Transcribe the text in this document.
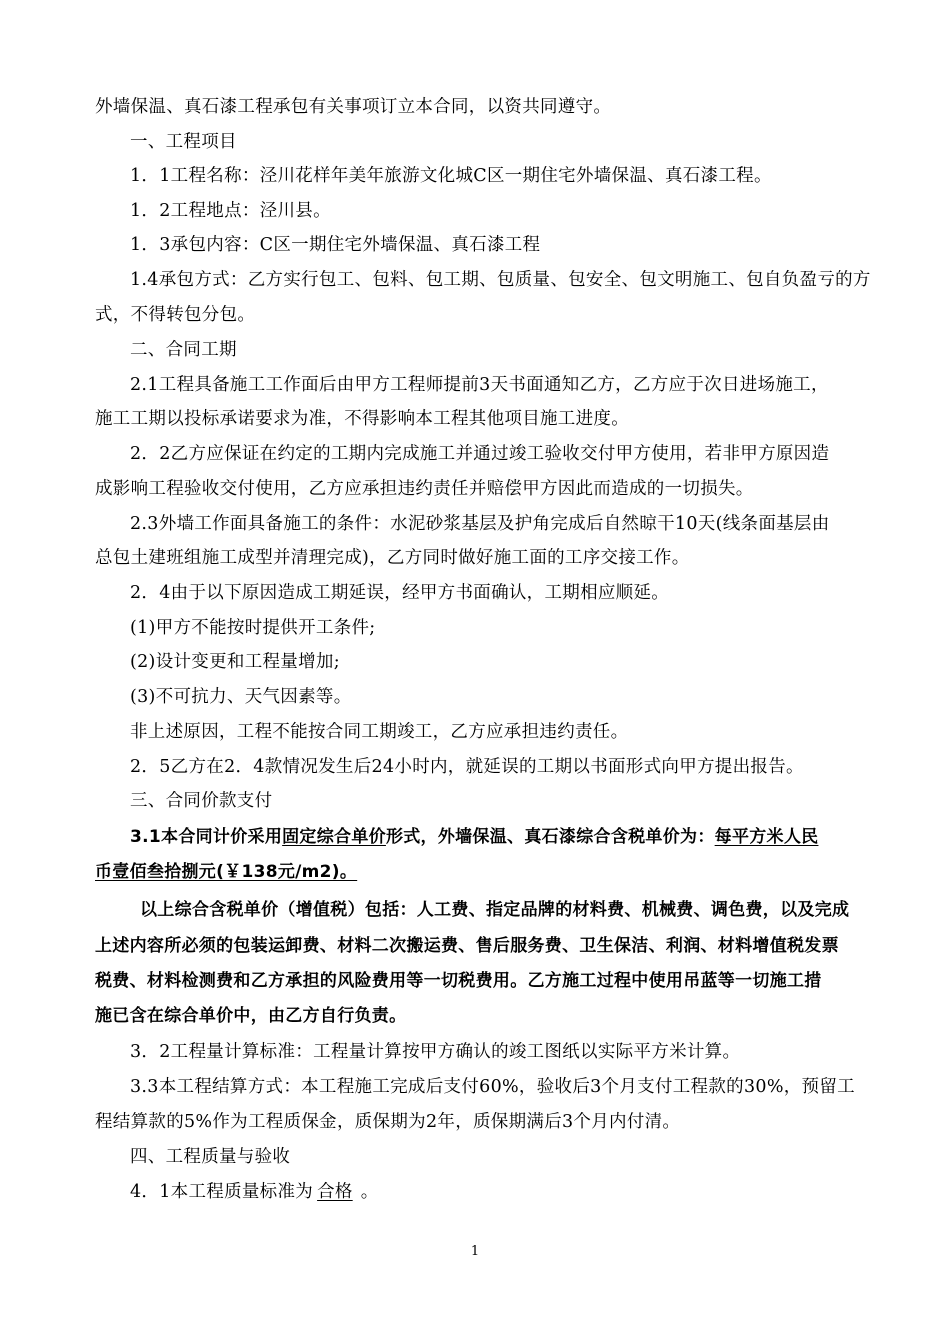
外墙保温、真石漆工程承包有关事项订立本合同，以资共同遵守。
一、工程项目
1．1工程名称：泾川花样年美年旅游文化城C区一期住宅外墙保温、真石漆工程。
1．2工程地点：泾川县。
1．3承包内容：C区一期住宅外墙保温、真石漆工程
1.4承包方式：乙方实行包工、包料、包工期、包质量、包安全、包文明施工、包自负盈亏的方
式，不得转包分包。
二、合同工期
2.1工程具备施工工作面后由甲方工程师提前3天书面通知乙方，乙方应于次日进场施工，
施工工期以投标承诺要求为准，不得影响本工程其他项目施工进度。
2．2乙方应保证在约定的工期内完成施工并通过竣工验收交付甲方使用，若非甲方原因造
成影响工程验收交付使用，乙方应承担违约责任并赔偿甲方因此而造成的一切损失。
2.3外墙工作面具备施工的条件：水泥砂浆基层及护角完成后自然晾干10天(线条面基层由
总包土建班组施工成型并清理完成)，乙方同时做好施工面的工序交接工作。
2．4由于以下原因造成工期延误，经甲方书面确认，工期相应顺延。
(1)甲方不能按时提供开工条件;
(2)设计变更和工程量增加;
(3)不可抗力、天气因素等。
非上述原因，工程不能按合同工期竣工，乙方应承担违约责任。
2．5乙方在2．4款情况发生后24小时内，就延误的工期以书面形式向甲方提出报告。
三、合同价款支付
3.1本合同计价采用固定综合单价形式，外墙保温、真石漆综合含税单价为：每平方米人民
币壹佰叁拾捌元(￥138元/m2)。
以上综合含税单价（增值税）包括：人工费、指定品牌的材料费、机械费、调色费，以及完成
上述内容所必须的包装运卸费、材料二次搬运费、售后服务费、卫生保洁、利润、材料增值税发票
税费、材料检测费和乙方承担的风险费用等一切税费用。乙方施工过程中使用吊蓝等一切施工措
施已含在综合单价中，由乙方自行负责。
3．2工程量计算标准：工程量计算按甲方确认的竣工图纸以实际平方米计算。
3.3本工程结算方式：本工程施工完成后支付60%，验收后3个月支付工程款的30%，预留工
程结算款的5%作为工程质保金，质保期为2年，质保期满后3个月内付清。
四、工程质量与验收
4．1本工程质量标准为 合格 。
1
